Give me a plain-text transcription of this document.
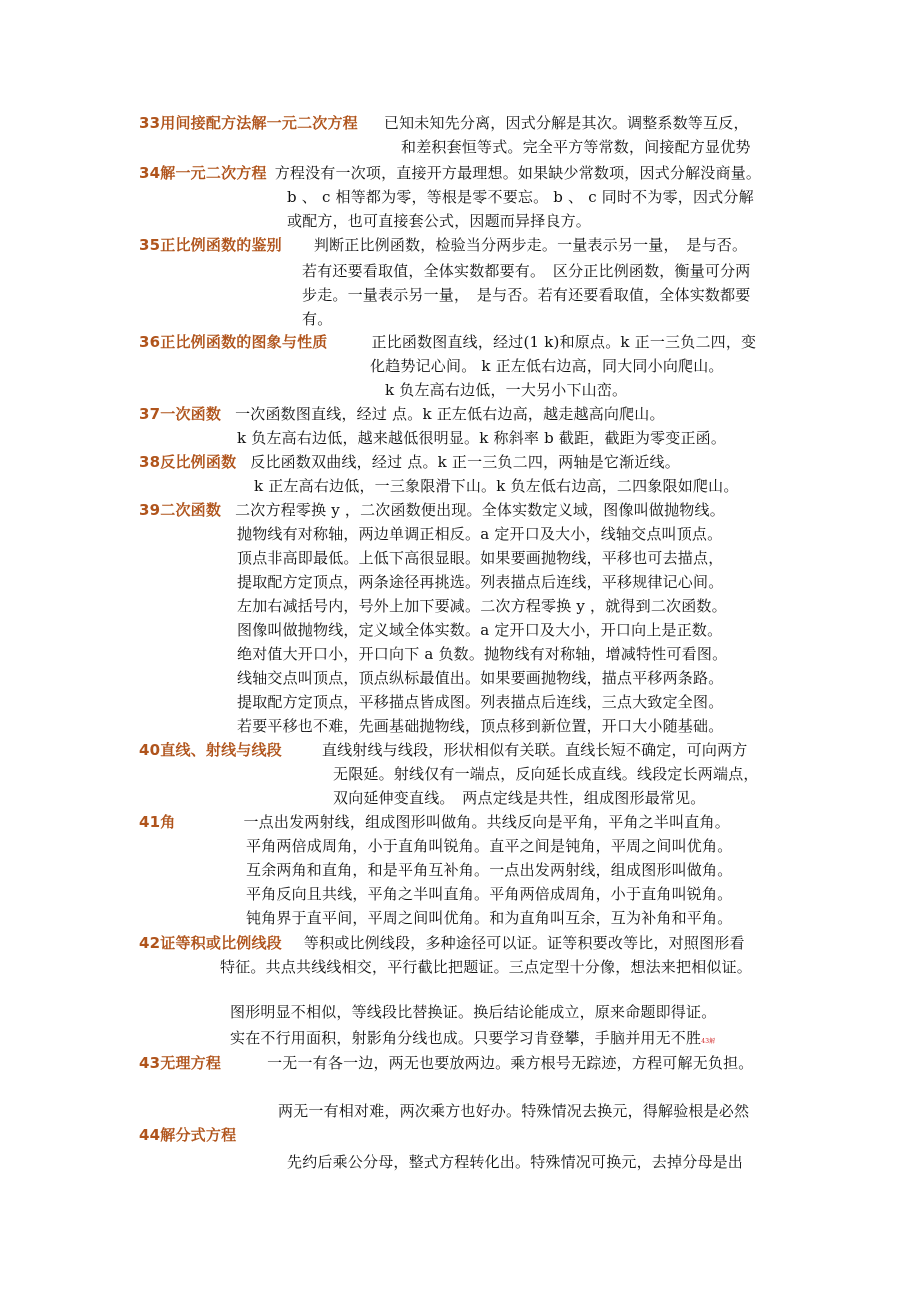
33用间接配方法解一元二次方程 已知未知先分离，因式分解是其次。调整系数等互反，
和差积套恒等式。完全平方等常数，间接配方显优势
34解一元二次方程 方程没有一次项，直接开方最理想。如果缺少常数项，因式分解没商量。
b 、 c 相等都为零，等根是零不要忘。 b 、 c 同时不为零，因式分解
或配方，也可直接套公式，因题而异择良方。
35正比例函数的鉴别 判断正比例函数，检验当分两步走。一量表示另一量，　是与否。
若有还要看取值，全体实数都要有。　区分正比例函数，衡量可分两
步走。一量表示另一量，　是与否。若有还要看取值，全体实数都要
有。
36正比例函数的图象与性质	正比函数图直线，经过(1 k)和原点。k 正一三负二四，变
化趋势记心间。 k 正左低右边高，同大同小向爬山。
k 负左高右边低，一大另小下山峦。
37一次函数 一次函数图直线，经过 点。k 正左低右边高，越走越高向爬山。
k 负左高右边低，越来越低很明显。k 称斜率 b 截距，截距为零变正函。
38反比例函数 反比函数双曲线，经过 点。k 正一三负二四，两轴是它渐近线。
k 正左高右边低，一三象限滑下山。k 负左低右边高，二四象限如爬山。
39二次函数 二次方程零换 y ，二次函数便出现。全体实数定义域，图像叫做抛物线。
抛物线有对称轴，两边单调正相反。a 定开口及大小，线轴交点叫顶点。
顶点非高即最低。上低下高很显眼。如果要画抛物线，平移也可去描点，
提取配方定顶点，两条途径再挑选。列表描点后连线，平移规律记心间。
左加右减括号内，号外上加下要减。二次方程零换 y ，就得到二次函数。
图像叫做抛物线，定义域全体实数。a 定开口及大小，开口向上是正数。
绝对值大开口小，开口向下 a 负数。抛物线有对称轴，增减特性可看图。
线轴交点叫顶点，顶点纵标最值出。如果要画抛物线，描点平移两条路。
提取配方定顶点，平移描点皆成图。列表描点后连线，三点大致定全图。
若要平移也不难，先画基础抛物线，顶点移到新位置，开口大小随基础。
40直线、射线与线段	直线射线与线段，形状相似有关联。直线长短不确定，可向两方
无限延。射线仅有一端点，反向延长成直线。线段定长两端点，
双向延伸变直线。　两点定线是共性，组成图形最常见。
41角	一点出发两射线，组成图形叫做角。共线反向是平角，平角之半叫直角。
平角两倍成周角，小于直角叫锐角。直平之间是钝角，平周之间叫优角。
互余两角和直角，和是平角互补角。一点出发两射线，组成图形叫做角。
平角反向且共线，平角之半叫直角。平角两倍成周角，小于直角叫锐角。
钝角界于直平间，平周之间叫优角。和为直角叫互余，互为补角和平角。
42证等积或比例线段 等积或比例线段，多种途径可以证。证等积要改等比，对照图形看
特征。共点共线线相交，平行截比把题证。三点定型十分像，想法来把相似证。
图形明显不相似，等线段比替换证。换后结论能成立，原来命题即得证。
实在不行用面积，射影角分线也成。只要学习肯登攀，手脑并用无不胜43解
43无理方程	一无一有各一边，两无也要放两边。乘方根号无踪迹，方程可解无负担。
两无一有相对难，两次乘方也好办。特殊情况去换元，得解验根是必然
44解分式方程
先约后乘公分母，整式方程转化出。特殊情况可换元，去掉分母是出
